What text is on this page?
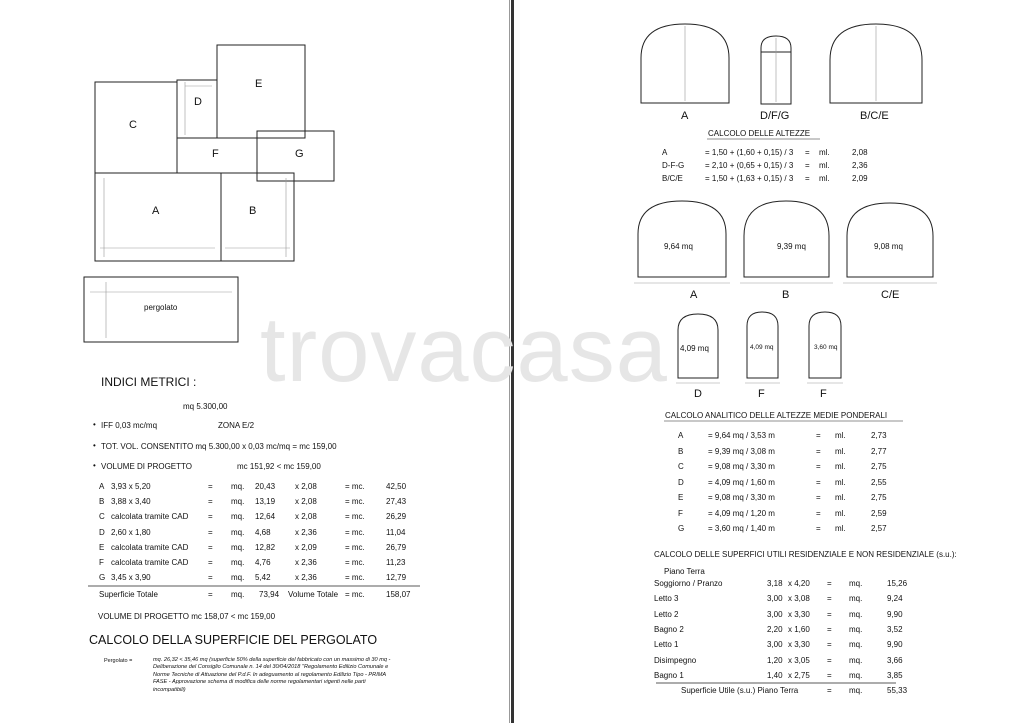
C
D
E
F	G
A	B
pergolato
INDICI METRICI :
mq 5.300,00
• IFF 0,03 mc/mq	ZONA E/2
• TOT. VOL. CONSENTITO mq 5.300,00 x 0,03 mc/mq = mc 159,00
• VOLUME DI PROGETTO	mc 151,92 < mc 159,00
A 3,93 x 5,20	= mq. 20,43 x 2,08	= mc.	42,50
B 3,88 x 3,40	= mq. 13,19 x 2,08	= mc.	27,43
C calcolata tramite CAD = mq. 12,64 x 2,08	= mc.	26,29
D 2,60 x 1,80	= mq. 4,68	x 2,36	= mc.	11,04
E calcolata tramite CAD = mq. 12,82 x 2,09	= mc.	26,79
F calcolata tramite CAD = mq. 4,76	x 2,36	= mc.	11,23
G 3,45 x 3,90	= mq. 5,42	x 2,36	= mc.	12,79
Superficie Totale	= mq. 73,94 Volume Totale = mc.	158,07
VOLUME DI PROGETTO mc 158,07 < mc 159,00
CALCOLO DELLA SUPERFICIE DEL PERGOLATO
Pergolato =	mq. 26,32 < 35,46 mq (superficie 50% della superficie del fabbricato con un massimo di 30 mq -
Deliberazione del Consiglio Comunale n. 14 del 30/04/2018 "Regolamento Edilizio Comunale e
Norme Tecniche di Attuazione del P.d.F. In adeguamento al regolamento Edilizio Tipo - PRIMA
FASE - Approvazione schema di modifica delle norme regolamentari vigenti nelle parti
incompatibili)
A	D/F/G	B/C/E
CALCOLO DELLE ALTEZZE
A	= 1,50 + (1,60 + 0,15) / 3 = ml.	2,08
D-F-G	= 2,10 + (0,65 + 0,15) / 3 = ml.	2,36
B/C/E	= 1,50 + (1,63 + 0,15) / 3 = ml.	2,09
9,64 mq
A
9,39 mq
B
9,08 mq
C/E
4,09 mq
D
4,09 mq
F
3,60 mq
F
CALCOLO ANALITICO DELLE ALTEZZE MEDIE PONDERALI
A	= 9,64 mq / 3,53 m	= ml.	2,73
B	= 9,39 mq / 3,08 m	= ml.	2,77
C	= 9,08 mq / 3,30 m	= ml.	2,75
D	= 4,09 mq / 1,60 m	= ml.	2,55
E	= 9,08 mq / 3,30 m	= ml.	2,75
F	= 4,09 mq / 1,20 m	= ml.	2,59
G	= 3,60 mq / 1,40 m	= ml.	2,57
CALCOLO DELLE SUPERFICI UTILI RESIDENZIALE E NON RESIDENZIALE (s.u.):
Piano Terra
Soggiorno / Pranzo	3,18 x 4,20 = mq.	15,26
Letto 3	3,00 x 3,08 = mq.	9,24
Letto 2	3,00 x 3,30 = mq.	9,90
Bagno 2	2,20 x 1,60 = mq.	3,52
Letto 1	3,00 x 3,30 = mq.	9,90
Disimpegno	1,20 x 3,05 = mq.	3,66
Bagno 1	1,40 x 2,75 = mq.	3,85
Superficie Utile (s.u.) Piano Terra	= mq.	55,33
trovacasa
